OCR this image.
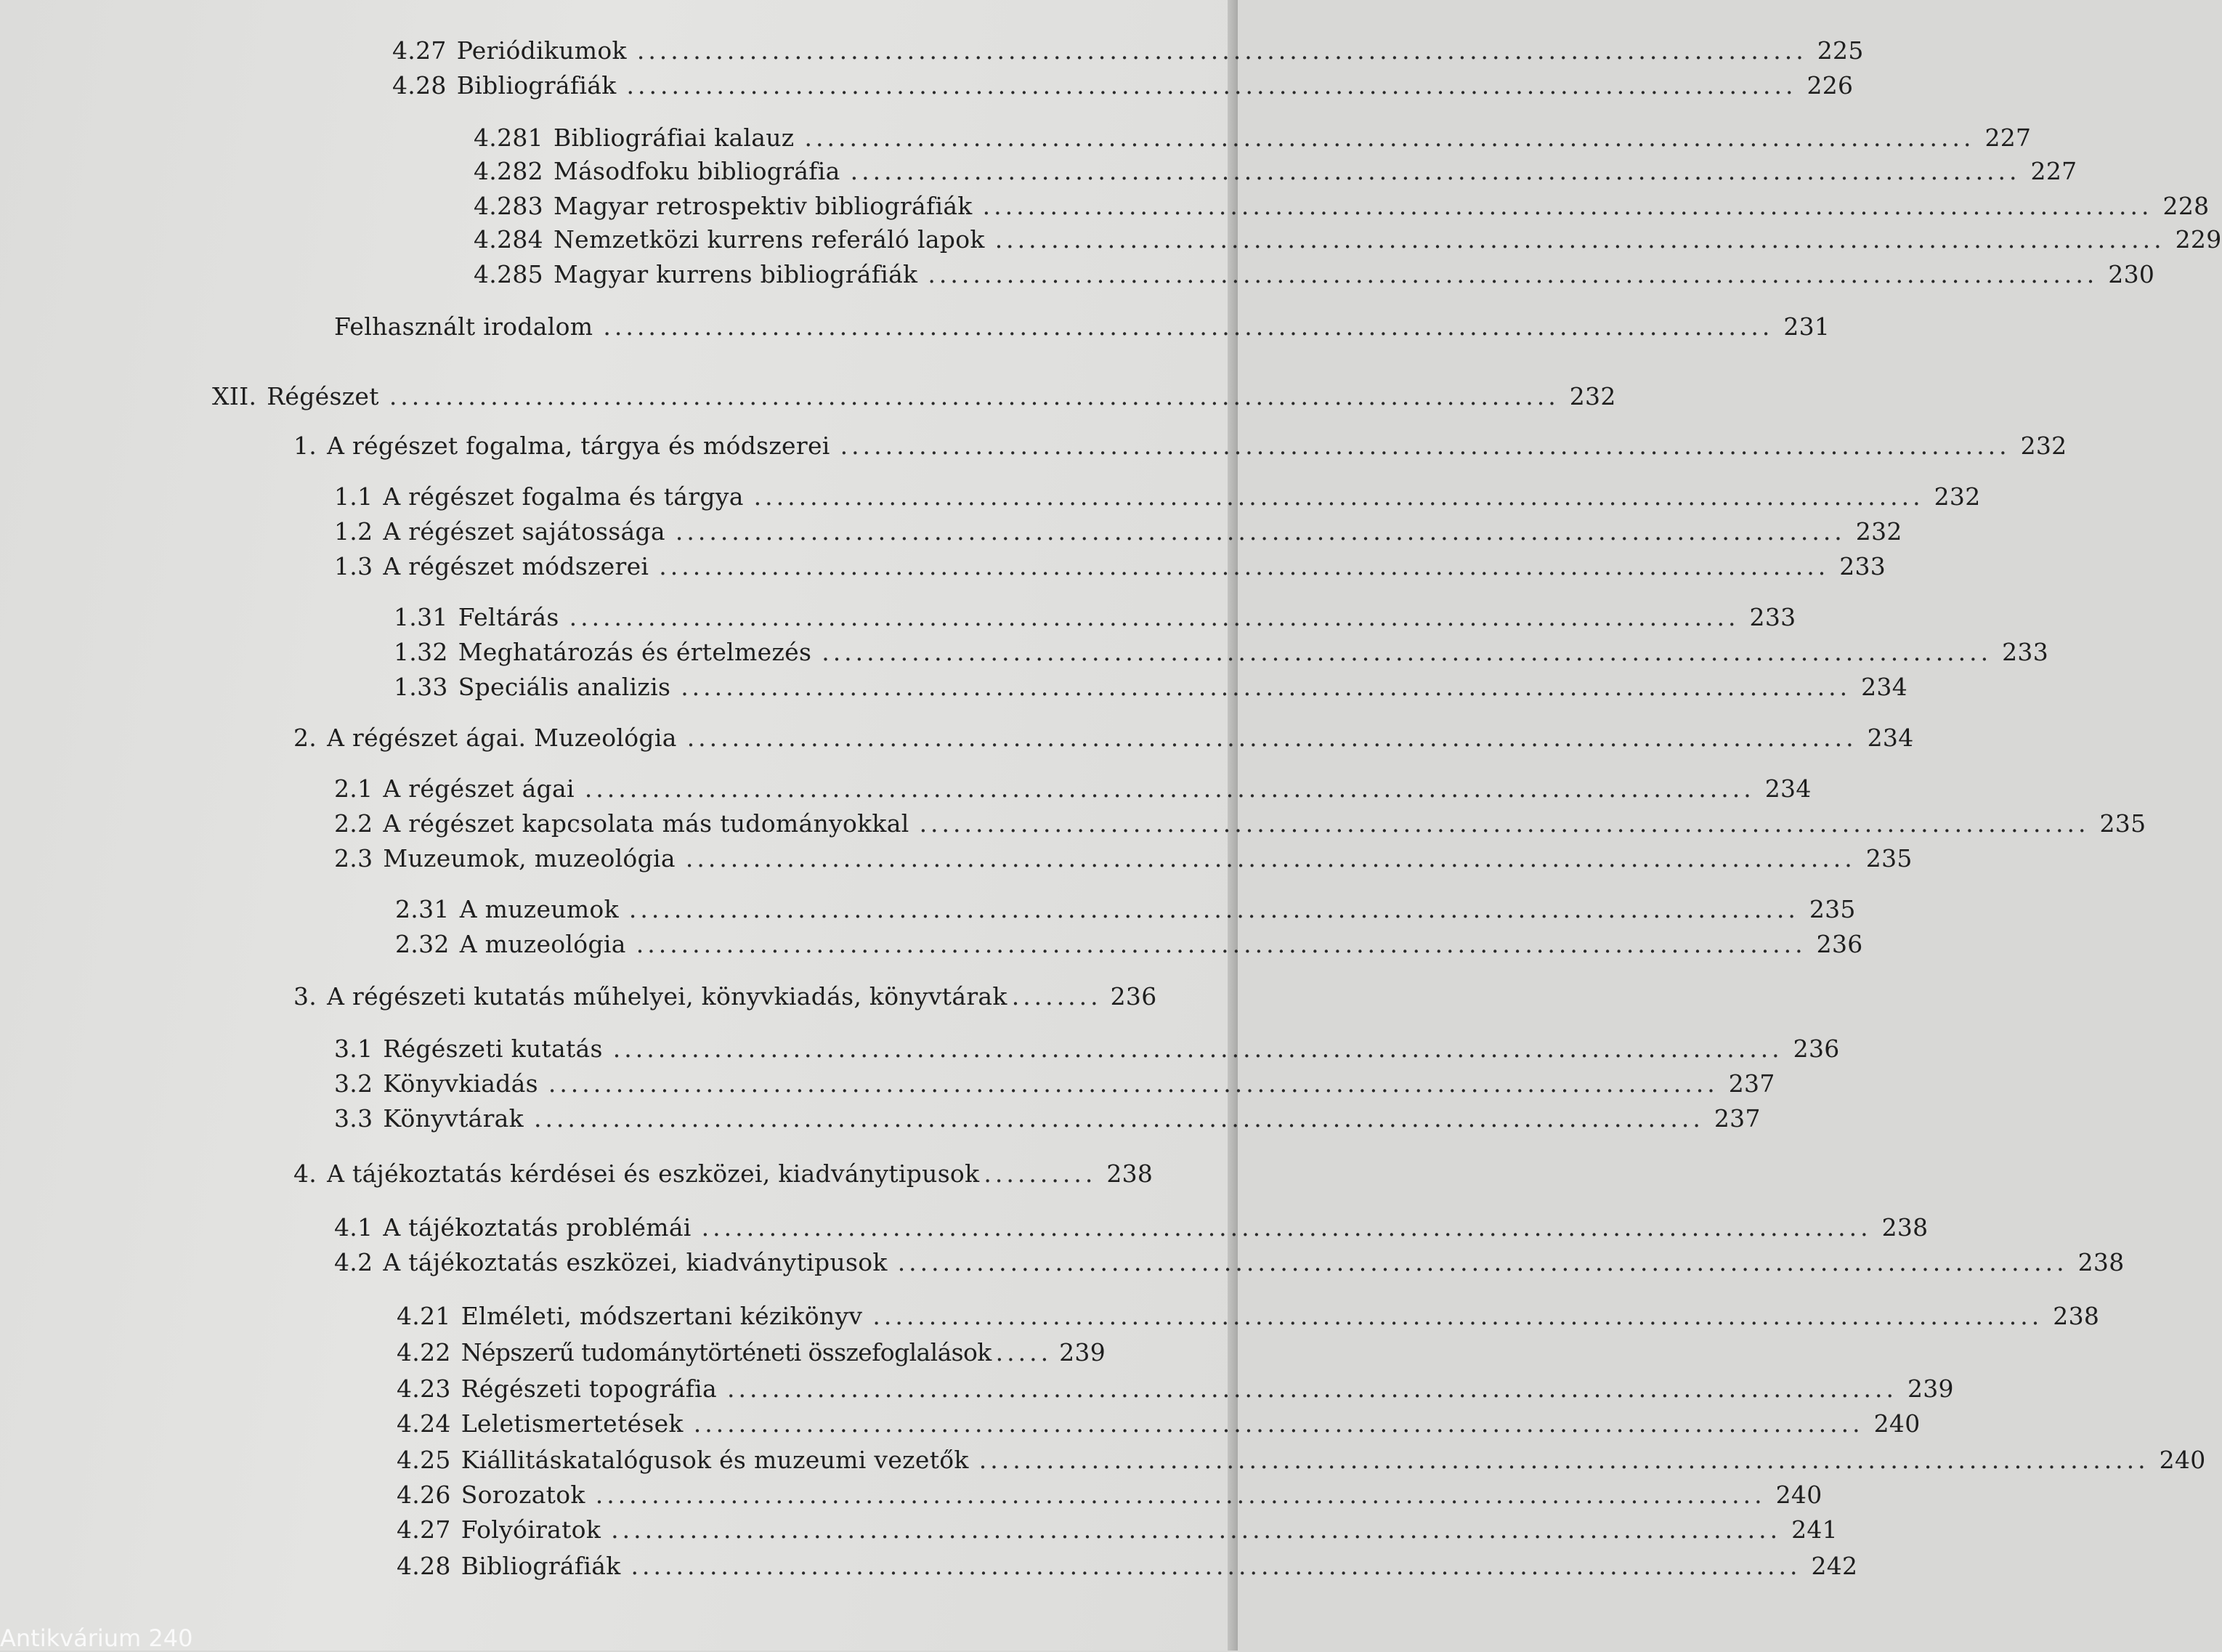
4.27 Periódikumok ........................................................................................................ 225
4.28 Bibliográfiák ........................................................................................................ 226
4.281 Bibliográfiai kalauz ........................................................................................................ 227
4.282 Másodfoku bibliográfia ........................................................................................................ 227
4.283 Magyar retrospektiv bibliográfiák ........................................................................................................ 228
4.284 Nemzetközi kurrens referáló lapok ........................................................................................................ 229
4.285 Magyar kurrens bibliográfiák ........................................................................................................ 230
Felhasznált irodalom ........................................................................................................ 231
XII. Régészet ........................................................................................................ 232
1. A régészet fogalma, tárgya és módszerei ........................................................................................................ 232
1.1 A régészet fogalma és tárgya ........................................................................................................ 232
1.2 A régészet sajátossága ........................................................................................................ 232
1.3 A régészet módszerei ........................................................................................................ 233
1.31 Feltárás ........................................................................................................ 233
1.32 Meghatározás és értelmezés ........................................................................................................ 233
1.33 Speciális analizis ........................................................................................................ 234
2. A régészet ágai. Muzeológia ........................................................................................................ 234
2.1 A régészet ágai ........................................................................................................ 234
2.2 A régészet kapcsolata más tudományokkal ........................................................................................................ 235
2.3 Muzeumok, muzeológia ........................................................................................................ 235
2.31 A muzeumok ........................................................................................................ 235
2.32 A muzeológia ........................................................................................................ 236
3. A régészeti kutatás műhelyei, könyvkiadás, könyvtárak ........ 236
3.1 Régészeti kutatás ........................................................................................................ 236
3.2 Könyvkiadás ........................................................................................................ 237
3.3 Könyvtárak ........................................................................................................ 237
4. A tájékoztatás kérdései és eszközei, kiadványtipusok .......... 238
4.1 A tájékoztatás problémái ........................................................................................................ 238
4.2 A tájékoztatás eszközei, kiadványtipusok ........................................................................................................ 238
4.21 Elméleti, módszertani kézikönyv ........................................................................................................ 238
4.22 Népszerű tudománytörténeti összefoglalások ..... 239
4.23 Régészeti topográfia ........................................................................................................ 239
4.24 Leletismertetések ........................................................................................................ 240
4.25 Kiállitáskatalógusok és muzeumi vezetők ........................................................................................................ 240
4.26 Sorozatok ........................................................................................................ 240
4.27 Folyóiratok ........................................................................................................ 241
4.28 Bibliográfiák ........................................................................................................ 242
Antikvárium 240
